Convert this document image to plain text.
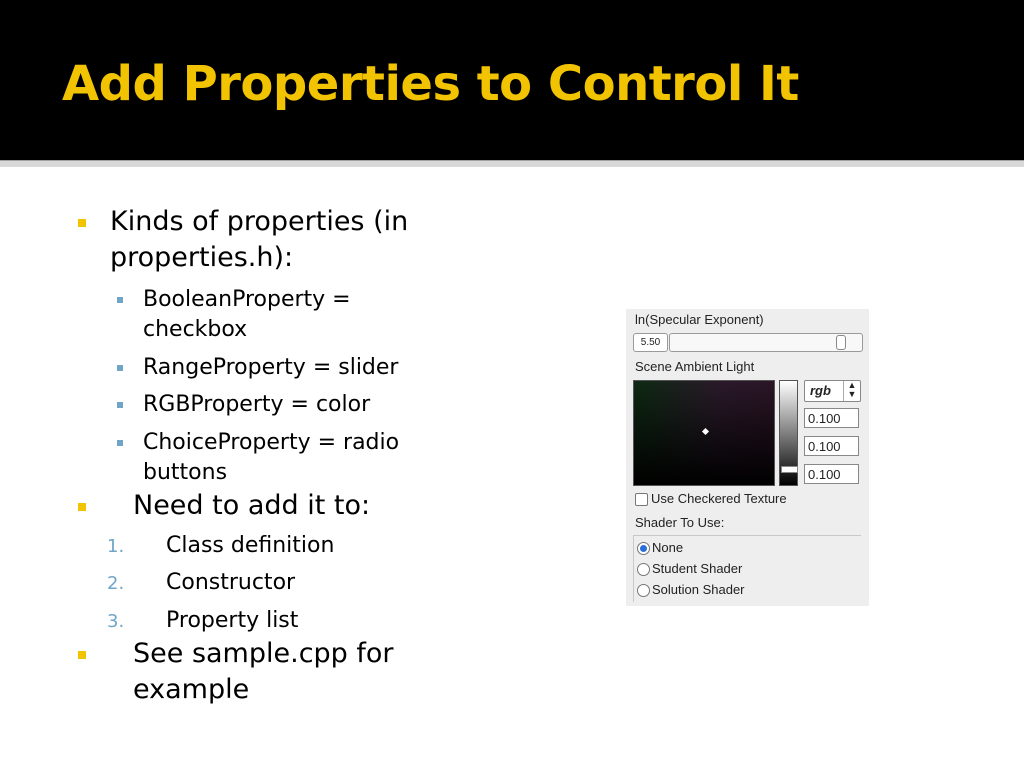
Add Properties to Control It
Kinds of properties (in
properties.h):
BooleanProperty =
checkbox
RangeProperty = slider
RGBProperty = color
ChoiceProperty = radio
buttons
Need to add it to:
1. Class definition
2. Constructor
3. Property list
See sample.cpp for
example
ln(Specular Exponent)
5.50
Scene Ambient Light
rgb	▲
▼
0.100
0.100
0.100
Use Checkered Texture
Shader To Use:
None
Student Shader
Solution Shader
